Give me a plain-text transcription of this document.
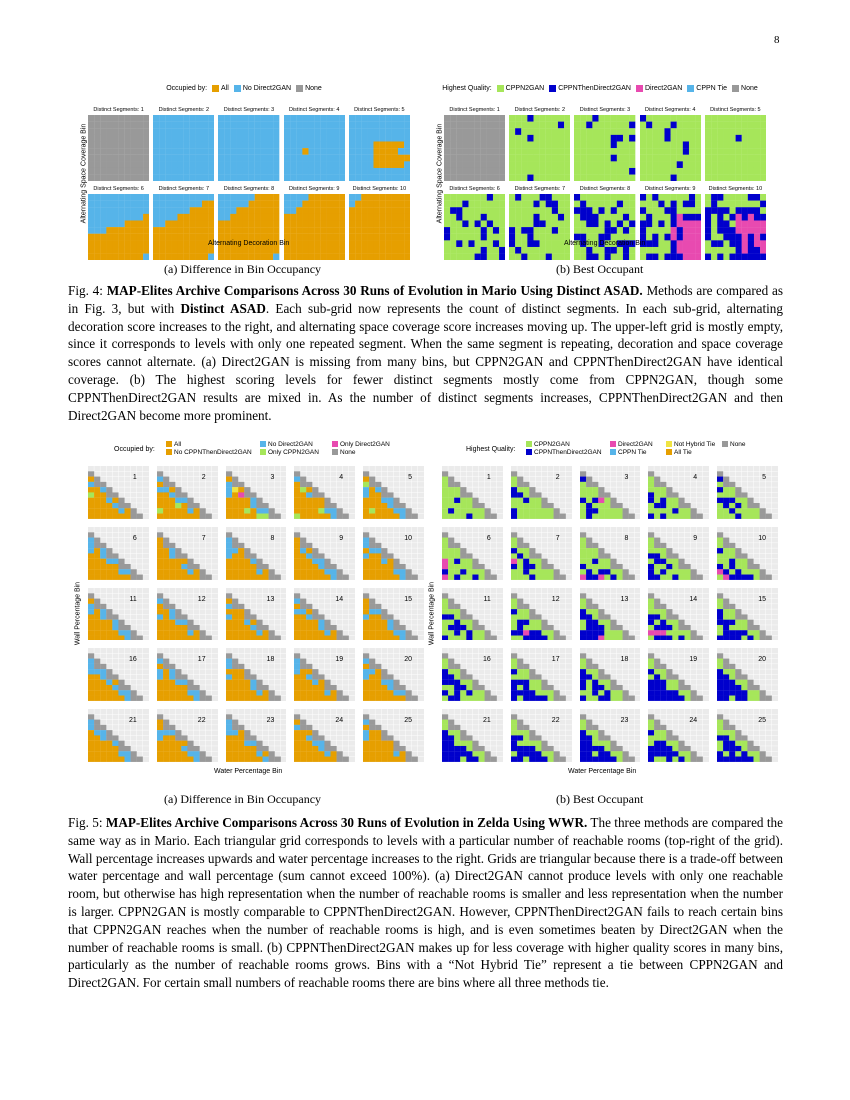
8
Occupied by: All No Direct2GAN None
Alternating Space Coverage Bin
Distinct Segments: 1	Distinct Segments: 2	Distinct Segments: 3	Distinct Segments: 4	Distinct Segments: 5
Distinct Segments: 6	Distinct Segments: 7	Distinct Segments: 8	Distinct Segments: 9	Distinct Segments: 10
Alternating Decoration Bin
Highest Quality: CPPN2GAN CPPNThenDirect2GAN Direct2GAN CPPN Tie None
Alternating Space Coverage Bin
Distinct Segments: 1	Distinct Segments: 2	Distinct Segments: 3	Distinct Segments: 4	Distinct Segments: 5
Distinct Segments: 6	Distinct Segments: 7	Distinct Segments: 8	Distinct Segments: 9	Distinct Segments: 10
Alternating Decoration Bin
(a) Difference in Bin Occupancy	(b) Best Occupant
Fig. 4: MAP-Elites Archive Comparisons Across 30 Runs of Evolution in Mario Using Distinct ASAD. Methods are compared as in Fig. 3, but with Distinct ASAD. Each sub-grid now represents the count of distinct segments. In each sub-grid, alternating decoration score increases to the right, and alternating space coverage score increases moving up. The upper-left grid is mostly empty, since it corresponds to levels with only one repeated segment. When the same segment is repeating, decoration and space coverage scores cannot alternate. (a) Direct2GAN is missing from many bins, but CPPN2GAN and CPPNThenDirect2GAN have identical coverage. (b) The highest scoring levels for fewer distinct segments mostly come from CPPN2GAN, though some CPPNThenDirect2GAN results are mixed in. As the number of distinct segments increases, CPPNThenDirect2GAN and then Direct2GAN become more prominent.
Occupied by:
All
No CPPNThenDirect2GAN
No Direct2GAN
Only CPPN2GAN
Only Direct2GAN
None
Wall Percentage Bin
1	2	3	4	5
6	7	8	9	10
11	12	13	14	15
16	17	18	19	20
21	22	23	24	25
Water Percentage Bin
Highest Quality:
CPPN2GAN
CPPNThenDirect2GAN
Direct2GAN
CPPN Tie
Not Hybrid Tie
All Tie
None
Wall Percentage Bin
1	2	3	4	5
6	7	8	9	10
11	12	13	14	15
16	17	18	19	20
21	22	23	24	25
Water Percentage Bin
(a) Difference in Bin Occupancy	(b) Best Occupant
Fig. 5: MAP-Elites Archive Comparisons Across 30 Runs of Evolution in Zelda Using WWR. The three methods are compared the same way as in Mario. Each triangular grid corresponds to levels with a particular number of reachable rooms (top-right of the grid). Wall percentage increases upwards and water percentage increases to the right. Grids are triangular because there is a trade-off between water percentage and wall percentage (sum cannot exceed 100%). (a) Direct2GAN cannot produce levels with only one reachable room, but otherwise has high representation when the number of reachable rooms is smaller and less representation when the number is larger. CPPN2GAN is mostly comparable to CPPNThenDirect2GAN. However, CPPNThenDirect2GAN fails to reach certain bins that CPPN2GAN reaches when the number of reachable rooms is high, and is even sometimes beaten by Direct2GAN when the number of reachable rooms is small. (b) CPPNThenDirect2GAN makes up for less coverage with higher quality scores in many bins, particularly as the number of reachable rooms grows. Bins with a “Not Hybrid Tie” represent a tie between CPPN2GAN and Direct2GAN. For certain small numbers of reachable rooms there are bins where all three methods tie.
